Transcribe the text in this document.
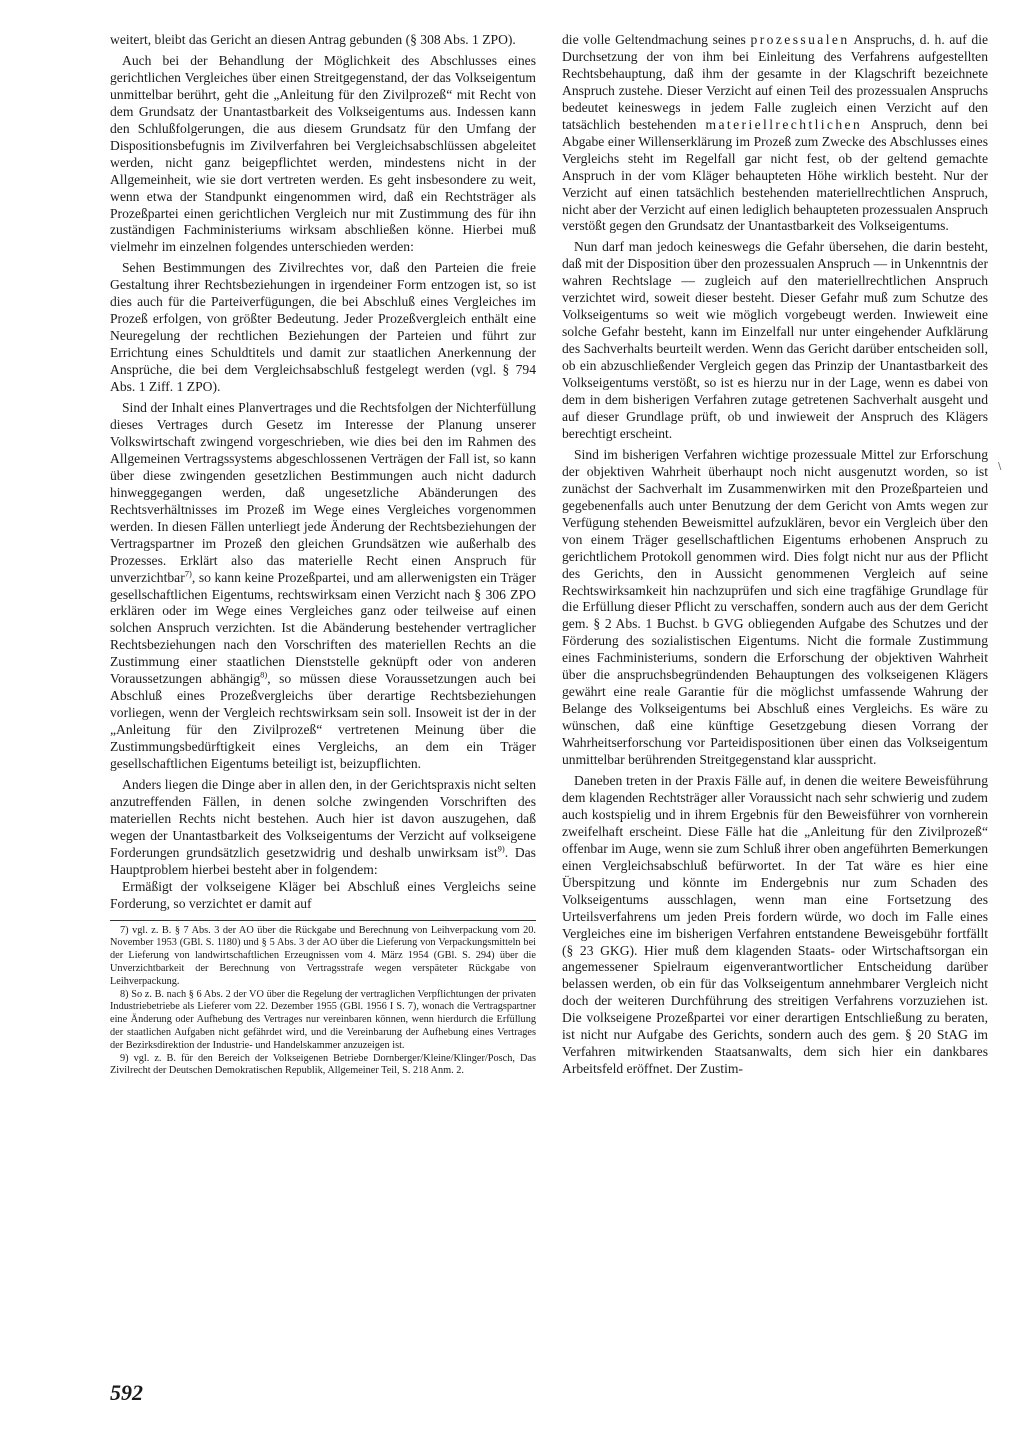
weitert, bleibt das Gericht an diesen Antrag gebunden (§ 308 Abs. 1 ZPO).

Auch bei der Behandlung der Möglichkeit des Abschlusses eines gerichtlichen Vergleiches über einen Streitgegenstand, der das Volkseigentum unmittelbar berührt, geht die „Anleitung für den Zivilprozeß“ mit Recht von dem Grundsatz der Unantastbarkeit des Volkseigentums aus. Indessen kann den Schlußfolgerungen, die aus diesem Grundsatz für den Umfang der Dispositionsbefugnis im Zivilverfahren bei Vergleichsabschlüssen abgeleitet werden, nicht ganz beigepflichtet werden, mindestens nicht in der Allgemeinheit, wie sie dort vertreten werden. Es geht insbesondere zu weit, wenn etwa der Standpunkt eingenommen wird, daß ein Rechtsträger als Prozeßpartei einen gerichtlichen Vergleich nur mit Zustimmung des für ihn zuständigen Fachministeriums wirksam abschließen könne. Hierbei muß vielmehr im einzelnen folgendes unterschieden werden:

Sehen Bestimmungen des Zivilrechtes vor, daß den Parteien die freie Gestaltung ihrer Rechtsbeziehungen in irgendeiner Form entzogen ist, so ist dies auch für die Parteiverfügungen, die bei Abschluß eines Vergleiches im Prozeß erfolgen, von größter Bedeutung. Jeder Prozeßvergleich enthält eine Neuregelung der rechtlichen Beziehungen der Parteien und führt zur Errichtung eines Schuldtitels und damit zur staatlichen Anerkennung der Ansprüche, die bei dem Vergleichsabschluß festgelegt werden (vgl. § 794 Abs. 1 Ziff. 1 ZPO).

Sind der Inhalt eines Planvertrages und die Rechtsfolgen der Nichterfüllung dieses Vertrages durch Gesetz im Interesse der Planung unserer Volkswirtschaft zwingend vorgeschrieben, wie dies bei den im Rahmen des Allgemeinen Vertragssystems abgeschlossenen Verträgen der Fall ist, so kann über diese zwingenden gesetzlichen Bestimmungen auch nicht dadurch hinweggegangen werden, daß ungesetzliche Abänderungen des Rechtsverhältnisses im Prozeß im Wege eines Vergleiches vorgenommen werden. In diesen Fällen unterliegt jede Änderung der Rechtsbeziehungen der Vertragspartner im Prozeß den gleichen Grundsätzen wie außerhalb des Prozesses. Erklärt also das materielle Recht einen Anspruch für unverzichtbar$^{7)}$, so kann keine Prozeßpartei, und am allerwenigsten ein Träger gesellschaftlichen Eigentums, rechtswirksam einen Verzicht nach § 306 ZPO erklären oder im Wege eines Vergleiches ganz oder teilweise auf einen solchen Anspruch verzichten. Ist die Abänderung bestehender vertraglicher Rechtsbeziehungen nach den Vorschriften des materiellen Rechts an die Zustimmung einer staatlichen Dienststelle geknüpft oder von anderen Voraussetzungen abhängig$^{8)}$, so müssen diese Voraussetzungen auch bei Abschluß eines Prozeßvergleichs über derartige Rechtsbeziehungen vorliegen, wenn der Vergleich rechtswirksam sein soll. Insoweit ist der in der „Anleitung für den Zivilprozeß“ vertretenen Meinung über die Zustimmungsbedürftigkeit eines Vergleichs, an dem ein Träger gesellschaftlichen Eigentums beteiligt ist, beizupflichten.

Anders liegen die Dinge aber in allen den, in der Gerichtspraxis nicht selten anzutreffenden Fällen, in denen solche zwingenden Vorschriften des materiellen Rechts nicht bestehen. Auch hier ist davon auszugehen, daß wegen der Unantastbarkeit des Volkseigentums der Verzicht auf volkseigene Forderungen grundsätzlich gesetzwidrig und deshalb unwirksam ist$^{9)}$. Das Hauptproblem hierbei besteht aber in folgendem:

Ermäßigt der volkseigene Kläger bei Abschluß eines Vergleichs seine Forderung, so verzichtet er damit auf

7) vgl. z. B. § 7 Abs. 3 der AO über die Rückgabe und Berechnung von Leihverpackung vom 20. November 1953 (GBl. S. 1180) und § 5 Abs. 3 der AO über die Lieferung von Verpackungsmitteln bei der Lieferung von landwirtschaftlichen Erzeugnissen vom 4. März 1954 (GBl. S. 294) über die Unverzichtbarkeit der Berechnung von Vertragsstrafe wegen verspäteter Rückgabe von Leihverpackung.

8) So z. B. nach § 6 Abs. 2 der VO über die Regelung der vertraglichen Verpflichtungen der privaten Industriebetriebe als Lieferer vom 22. Dezember 1955 (GBl. 1956 I S. 7), wonach die Vertragspartner eine Änderung oder Aufhebung des Vertrages nur vereinbaren können, wenn hierdurch die Erfüllung der staatlichen Aufgaben nicht gefährdet wird, und die Vereinbarung der Aufhebung eines Vertrages der Bezirksdirektion der Industrie- und Handelskammer anzuzeigen ist.

9) vgl. z. B. für den Bereich der Volkseigenen Betriebe Dornberger/Kleine/Klinger/Posch, Das Zivilrecht der Deutschen Demokratischen Republik, Allgemeiner Teil, S. 218 Anm. 2.

die volle Geltendmachung seines prozessualen Anspruchs, d. h. auf die Durchsetzung der von ihm bei Einleitung des Verfahrens aufgestellten Rechtsbehauptung, daß ihm der gesamte in der Klagschrift bezeichnete Anspruch zustehe. Dieser Verzicht auf einen Teil des prozessualen Anspruchs bedeutet keineswegs in jedem Falle zugleich einen Verzicht auf den tatsächlich bestehenden materiellrechtlichen Anspruch, denn bei Abgabe einer Willenserklärung im Prozeß zum Zwecke des Abschlusses eines Vergleichs steht im Regelfall gar nicht fest, ob der geltend gemachte Anspruch in der vom Kläger behaupteten Höhe wirklich besteht. Nur der Verzicht auf einen tatsächlich bestehenden materiellrechtlichen Anspruch, nicht aber der Verzicht auf einen lediglich behaupteten prozessualen Anspruch verstößt gegen den Grundsatz der Unantastbarkeit des Volkseigentums.

Nun darf man jedoch keineswegs die Gefahr übersehen, die darin besteht, daß mit der Disposition über den prozessualen Anspruch — in Unkenntnis der wahren Rechtslage — zugleich auf den materiellrechtlichen Anspruch verzichtet wird, soweit dieser besteht. Dieser Gefahr muß zum Schutze des Volkseigentums so weit wie möglich vorgebeugt werden. Inwieweit eine solche Gefahr besteht, kann im Einzelfall nur unter eingehender Aufklärung des Sachverhalts beurteilt werden. Wenn das Gericht darüber entscheiden soll, ob ein abzuschließender Vergleich gegen das Prinzip der Unantastbarkeit des Volkseigentums verstößt, so ist es hierzu nur in der Lage, wenn es dabei von dem in dem bisherigen Verfahren zutage getretenen Sachverhalt ausgeht und auf dieser Grundlage prüft, ob und inwieweit der Anspruch des Klägers berechtigt erscheint.

Sind im bisherigen Verfahren wichtige prozessuale Mittel zur Erforschung der objektiven Wahrheit überhaupt noch nicht ausgenutzt worden, so ist zunächst der Sachverhalt im Zusammenwirken mit den Prozeßparteien und gegebenenfalls auch unter Benutzung der dem Gericht von Amts wegen zur Verfügung stehenden Beweismittel aufzuklären, bevor ein Vergleich über den von einem Träger gesellschaftlichen Eigentums erhobenen Anspruch zu gerichtlichem Protokoll genommen wird. Dies folgt nicht nur aus der Pflicht des Gerichts, den in Aussicht genommenen Vergleich auf seine Rechtswirksamkeit hin nachzuprüfen und sich eine tragfähige Grundlage für die Erfüllung dieser Pflicht zu verschaffen, sondern auch aus der dem Gericht gem. § 2 Abs. 1 Buchst. b GVG obliegenden Aufgabe des Schutzes und der Förderung des sozialistischen Eigentums. Nicht die formale Zustimmung eines Fachministeriums, sondern die Erforschung der objektiven Wahrheit über die anspruchsbegründenden Behauptungen des volkseigenen Klägers gewährt eine reale Garantie für die möglichst umfassende Wahrung der Belange des Volkseigentums bei Abschluß eines Vergleichs. Es wäre zu wünschen, daß eine künftige Gesetzgebung diesen Vorrang der Wahrheitserforschung vor Parteidispositionen über einen das Volkseigentum unmittelbar berührenden Streitgegenstand klar ausspricht.

Daneben treten in der Praxis Fälle auf, in denen die weitere Beweisführung dem klagenden Rechtsträger aller Voraussicht nach sehr schwierig und zudem auch kostspielig und in ihrem Ergebnis für den Beweisführer von vornherein zweifelhaft erscheint. Diese Fälle hat die „Anleitung für den Zivilprozeß“ offenbar im Auge, wenn sie zum Schluß ihrer oben angeführten Bemerkungen einen Vergleichsabschluß befürwortet. In der Tat wäre es hier eine Überspitzung und könnte im Endergebnis nur zum Schaden des Volkseigentums ausschlagen, wenn man eine Fortsetzung des Urteilsverfahrens um jeden Preis fordern würde, wo doch im Falle eines Vergleiches eine im bisherigen Verfahren entstandene Beweisgebühr fortfällt (§ 23 GKG). Hier muß dem klagenden Staats- oder Wirtschaftsorgan ein angemessener Spielraum eigenverantwortlicher Entscheidung darüber belassen werden, ob ein für das Volkseigentum annehmbarer Vergleich nicht doch der weiteren Durchführung des streitigen Verfahrens vorzuziehen ist. Die volkseigene Prozeßpartei vor einer derartigen Entschließung zu beraten, ist nicht nur Aufgabe des Gerichts, sondern auch des gem. § 20 StAG im Verfahren mitwirkenden Staatsanwalts, dem sich hier ein dankbares Arbeitsfeld eröffnet. Der Zustim-

592
\
